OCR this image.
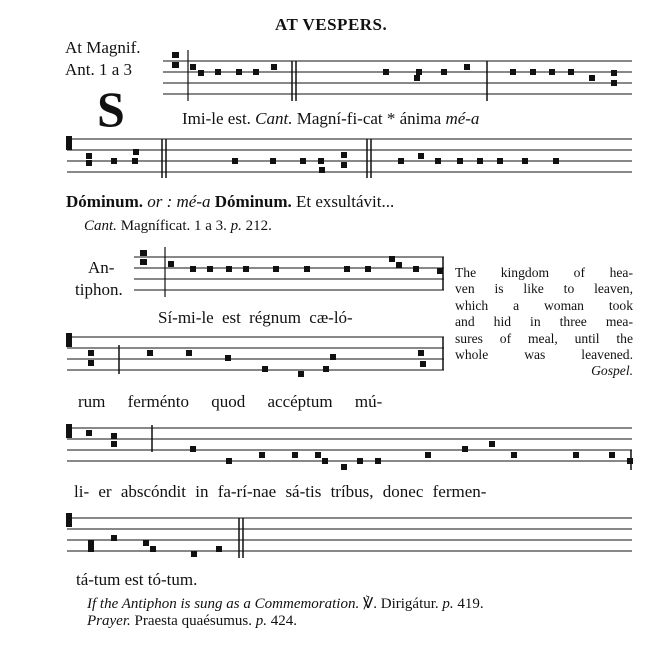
AT VESPERS.
At Magnif.
Ant. 1 a 3
S	Imi-le est. Cant. Magní-fi-cat * ánima mé-a
Dóminum. or : mé-a Dóminum. Et exsultávit...
Cant. Magníficat. 1 a 3. p. 212.
An-
tiphon.
Sí-mi-le est régnum cæ-ló-
The kingdom of hea-
ven is like to leaven,
which a woman took
and hid in three mea-
sures of meal, until the
whole was leavened.
Gospel.
rum ferménto quod accéptum mú-
li- er abscóndit in fa-rí-nae sá-tis tríbus, donec fermen-
tá-tum est tó-tum.
If the Antiphon is sung as a Commemoration. ℣. Dirigátur. p. 419.
Prayer. Praesta quaésumus. p. 424.
